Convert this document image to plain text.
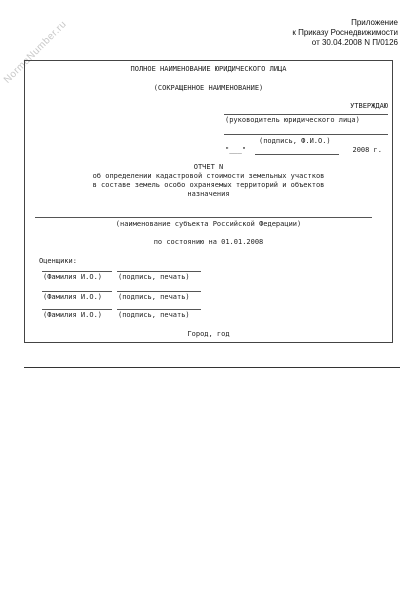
Приложение
к Приказу Роснедвижимости
от 30.04.2008 N П/0126
NormaNumber.ru	ПОЛНОЕ НАИМЕНОВАНИЕ ЮРИДИЧЕСКОГО ЛИЦА
(СОКРАЩЕННОЕ НАИМЕНОВАНИЕ)
УТВЕРЖДАЮ
(руководитель юридического лица)
(подпись, Ф.И.О.)
"___"	2008 г.
ОТЧЕТ N
об определении кадастровой стоимости земельных участков
в составе земель особо охраняемых территорий и объектов
назначения
(наименование субъекта Российской Федерации)
по состоянию на 01.01.2008
Оценщики:
(Фамилия И.О.) (подпись, печать)
(Фамилия И.О.) (подпись, печать)
(Фамилия И.О.) (подпись, печать)
Город, год
